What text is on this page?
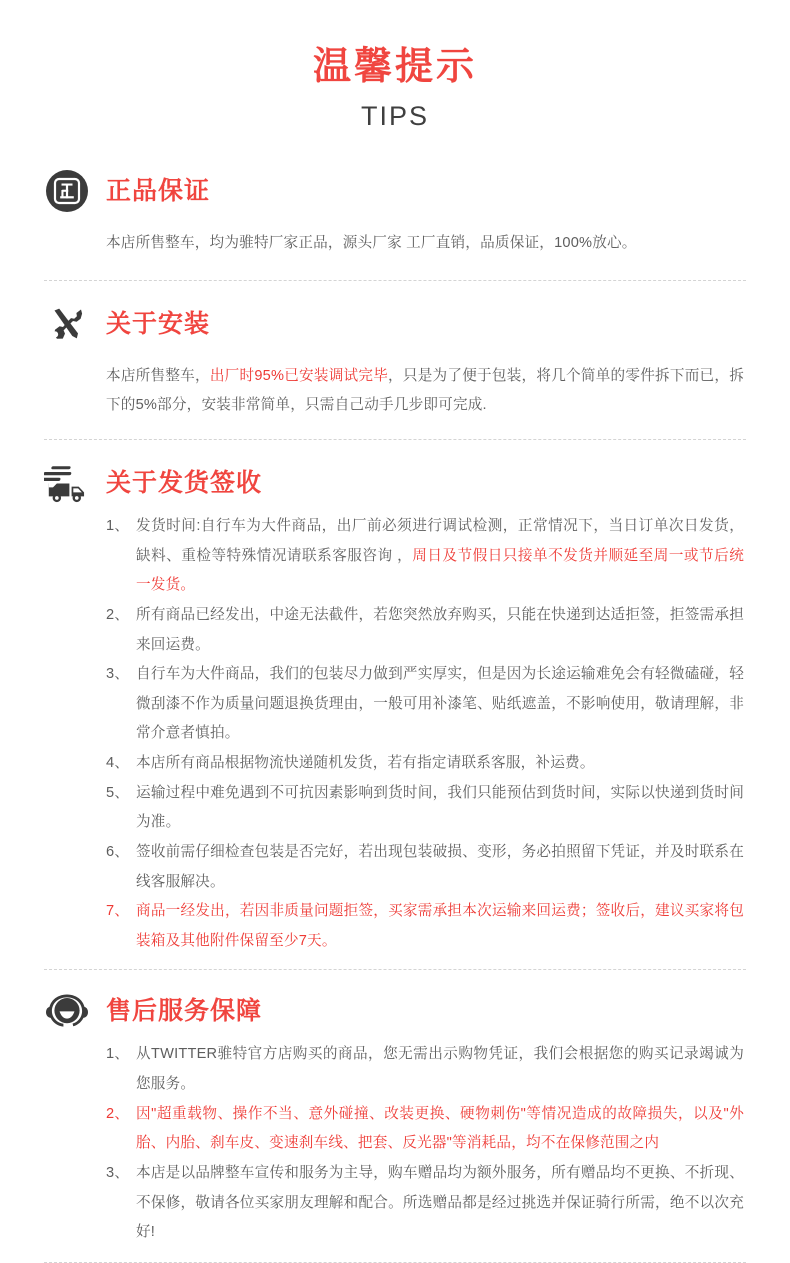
温馨提示
TIPS
正品保证

本店所售整车，均为骓特厂家正品，源头厂家 工厂直销，品质保证，100%放心。

关于安装

本店所售整车，出厂时95%已安装调试完毕，只是为了便于包装，将几个简单的零件拆下而已，拆下的5%部分，安装非常简单，只需自己动手几步即可完成.

关于发货签收
1、 发货时间:自行车为大件商品，出厂前必须进行调试检测，正常情况下，当日订单次日发货，缺料、重检等特殊情况请联系客服咨询 ，周日及节假日只接单不发货并顺延至周一或节后统一发货。
2、 所有商品已经发出，中途无法截件，若您突然放弃购买，只能在快递到达适拒签，拒签需承担来回运费。
3、 自行车为大件商品，我们的包装尽力做到严实厚实，但是因为长途运输难免会有轻微磕碰，轻微刮漆不作为质量问题退换货理由，一般可用补漆笔、贴纸遮盖，不影响使用，敬请理解，非常介意者慎拍。
4、 本店所有商品根据物流快递随机发货，若有指定请联系客服，补运费。
5、 运输过程中难免遇到不可抗因素影响到货时间，我们只能预估到货时间，实际以快递到货时间为准。
6、 签收前需仔细检查包装是否完好，若出现包装破损、变形，务必拍照留下凭证，并及时联系在线客服解决。
7、 商品一经发出，若因非质量问题拒签，买家需承担本次运输来回运费；签收后，建议买家将包装箱及其他附件保留至少7天。
售后服务保障
1、 从TWITTER骓特官方店购买的商品，您无需出示购物凭证，我们会根据您的购买记录竭诚为您服务。
2、 因"超重载物、操作不当、意外碰撞、改装更换、硬物刺伤"等情况造成的故障损失，以及"外胎、内胎、刹车皮、变速刹车线、把套、反光器"等消耗品，均不在保修范围之内
3、 本店是以品牌整车宣传和服务为主导，购车赠品均为额外服务，所有赠品均不更换、不折现、不保修，敬请各位买家朋友理解和配合。所选赠品都是经过挑选并保证骑行所需，绝不以次充好!
